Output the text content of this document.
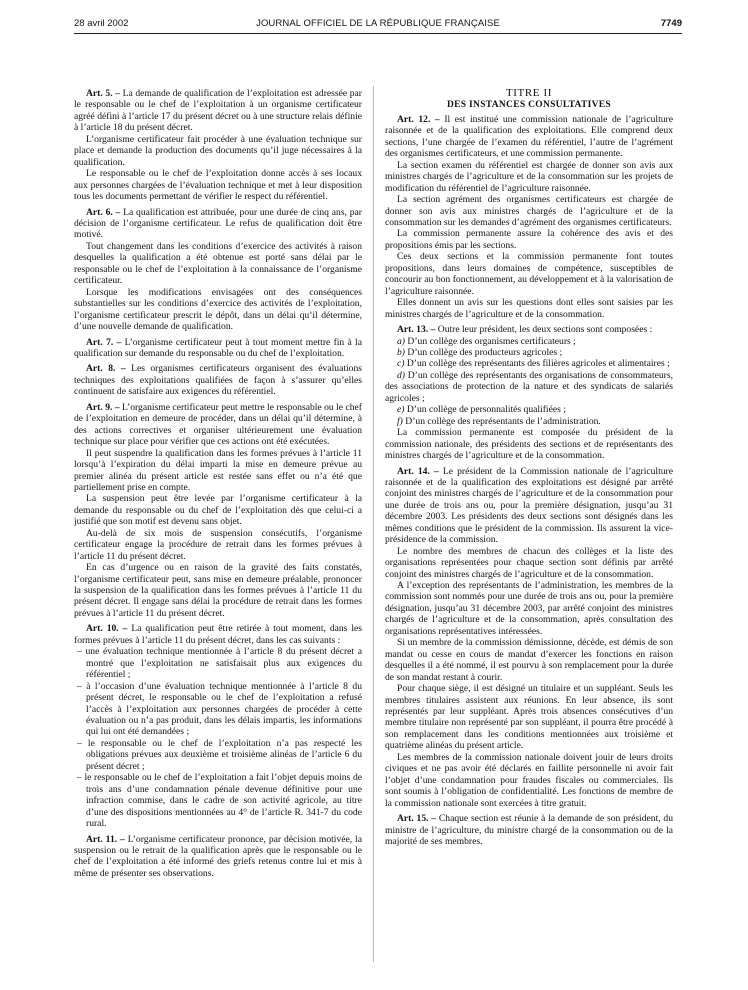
28 avril 2002	JOURNAL OFFICIEL DE LA RÉPUBLIQUE FRANÇAISE	7749

Art. 5. – La demande de qualification de l’exploitation est adressée par le responsable ou le chef de l’exploitation à un organisme certificateur agréé défini à l’article 17 du présent décret ou à une structure relais définie à l’article 18 du présent décret.

L’organisme certificateur fait procéder à une évaluation technique sur place et demande la production des documents qu’il juge nécessaires à la qualification.

Le responsable ou le chef de l’exploitation donne accès à ses locaux aux personnes chargées de l’évaluation technique et met à leur disposition tous les documents permettant de vérifier le respect du référentiel.

Art. 6. – La qualification est attribuée, pour une durée de cinq ans, par décision de l’organisme certificateur. Le refus de qualification doit être motivé.

Tout changement dans les conditions d’exercice des activités à raison desquelles la qualification a été obtenue est porté sans délai par le responsable ou le chef de l’exploitation à la connaissance de l’organisme certificateur.

Lorsque les modifications envisagées ont des conséquences substantielles sur les conditions d’exercice des activités de l’exploitation, l’organisme certificateur prescrit le dépôt, dans un délai qu’il détermine, d’une nouvelle demande de qualification.

Art. 7. – L’organisme certificateur peut à tout moment mettre fin à la qualification sur demande du responsable ou du chef de l’exploitation.

Art. 8. – Les organismes certificateurs organisent des évaluations techniques des exploitations qualifiées de façon à s’assurer qu’elles continuent de satisfaire aux exigences du référentiel.

Art. 9. – L’organisme certificateur peut mettre le responsable ou le chef de l’exploitation en demeure de procéder, dans un délai qu’il détermine, à des actions correctives et organiser ultérieurement une évaluation technique sur place pour vérifier que ces actions ont été exécutées.

Il peut suspendre la qualification dans les formes prévues à l’article 11 lorsqu’à l’expiration du délai imparti la mise en demeure prévue au premier alinéa du présent article est restée sans effet ou n’a été que partiellement prise en compte.

La suspension peut être levée par l’organisme certificateur à la demande du responsable ou du chef de l’exploitation dès que celui-ci a justifié que son motif est devenu sans objet.

Au-delà de six mois de suspension consécutifs, l’organisme certificateur engage la procédure de retrait dans les formes prévues à l’article 11 du présent décret.

En cas d’urgence ou en raison de la gravité des faits constatés, l’organisme certificateur peut, sans mise en demeure préalable, prononcer la suspension de la qualification dans les formes prévues à l’article 11 du présent décret. Il engage sans délai la procédure de retrait dans les formes prévues à l’article 11 du présent décret.

Art. 10. – La qualification peut être retirée à tout moment, dans les formes prévues à l’article 11 du présent décret, dans les cas suivants :

– une évaluation technique mentionnée à l’article 8 du présent décret a montré que l’exploitation ne satisfaisait plus aux exigences du référentiel ;
– à l’occasion d’une évaluation technique mentionnée à l’article 8 du présent décret, le responsable ou le chef de l’exploitation a refusé l’accès à l’exploitation aux personnes chargées de procéder à cette évaluation ou n’a pas produit, dans les délais impartis, les informations qui lui ont été demandées ;
– le responsable ou le chef de l’exploitation n’a pas respecté les obligations prévues aux deuxième et troisième alinéas de l’article 6 du présent décret ;
– le responsable ou le chef de l’exploitation a fait l’objet depuis moins de trois ans d’une condamnation pénale devenue définitive pour une infraction commise, dans le cadre de son activité agricole, au titre d’une des dispositions mentionnées au 4° de l’article R. 341-7 du code rural.

Art. 11. – L’organisme certificateur prononce, par décision motivée, la suspension ou le retrait de la qualification après que le responsable ou le chef de l’exploitation a été informé des griefs retenus contre lui et mis à même de présenter ses observations.

TITRE II
DES INSTANCES CONSULTATIVES

Art. 12. – Il est institué une commission nationale de l’agriculture raisonnée et de la qualification des exploitations. Elle comprend deux sections, l’une chargée de l’examen du référentiel, l’autre de l’agrément des organismes certificateurs, et une commission permanente.

La section examen du référentiel est chargée de donner son avis aux ministres chargés de l’agriculture et de la consommation sur les projets de modification du référentiel de l’agriculture raisonnée.

La section agrément des organismes certificateurs est chargée de donner son avis aux ministres chargés de l’agriculture et de la consommation sur les demandes d’agrément des organismes certificateurs.

La commission permanente assure la cohérence des avis et des propositions émis par les sections.

Ces deux sections et la commission permanente font toutes propositions, dans leurs domaines de compétence, susceptibles de concourir au bon fonctionnement, au développement et à la valorisation de l’agriculture raisonnée.

Elles donnent un avis sur les questions dont elles sont saisies par les ministres chargés de l’agriculture et de la consommation.

Art. 13. – Outre leur président, les deux sections sont composées :

a) D’un collège des organismes certificateurs ;

b) D’un collège des producteurs agricoles ;

c) D’un collège des représentants des filières agricoles et alimentaires ;

d) D’un collège des représentants des organisations de consommateurs, des associations de protection de la nature et des syndicats de salariés agricoles ;

e) D’un collège de personnalités qualifiées ;

f) D’un collège des représentants de l’administration.

La commission permanente est composée du président de la commission nationale, des présidents des sections et de représentants des ministres chargés de l’agriculture et de la consommation.

Art. 14. – Le président de la Commission nationale de l’agriculture raisonnée et de la qualification des exploitations est désigné par arrêté conjoint des ministres chargés de l’agriculture et de la consommation pour une durée de trois ans ou, pour la première désignation, jusqu’au 31 décembre 2003. Les présidents des deux sections sont désignés dans les mêmes conditions que le président de la commission. Ils assurent la vice-présidence de la commission.

Le nombre des membres de chacun des collèges et la liste des organisations représentées pour chaque section sont définis par arrêté conjoint des ministres chargés de l’agriculture et de la consommation.

A l’exception des représentants de l’administration, les membres de la commission sont nommés pour une durée de trois ans ou, pour la première désignation, jusqu’au 31 décembre 2003, par arrêté conjoint des ministres chargés de l’agriculture et de la consommation, après consultation des organisations représentatives intéressées.

Si un membre de la commission démissionne, décède, est démis de son mandat ou cesse en cours de mandat d’exercer les fonctions en raison desquelles il a été nommé, il est pourvu à son remplacement pour la durée de son mandat restant à courir.

Pour chaque siège, il est désigné un titulaire et un suppléant. Seuls les membres titulaires assistent aux réunions. En leur absence, ils sont représentés par leur suppléant. Après trois absences consécutives d’un membre titulaire non représenté par son suppléant, il pourra être procédé à son remplacement dans les conditions mentionnées aux troisième et quatrième alinéas du présent article.

Les membres de la commission nationale doivent jouir de leurs droits civiques et ne pas avoir été déclarés en faillite personnelle ni avoir fait l’objet d’une condamnation pour fraudes fiscales ou commerciales. Ils sont soumis à l’obligation de confidentialité. Les fonctions de membre de la commission nationale sont exercées à titre gratuit.

Art. 15. – Chaque section est réunie à la demande de son président, du ministre de l’agriculture, du ministre chargé de la consommation ou de la majorité de ses membres.
